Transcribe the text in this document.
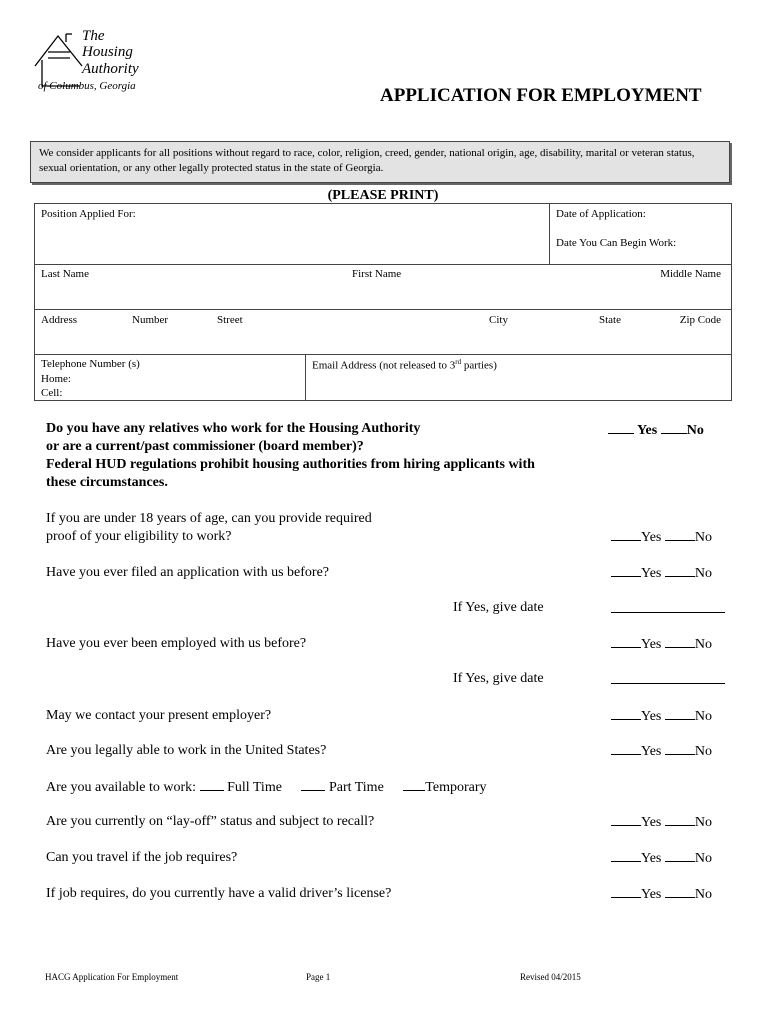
The
Housing
Authority
of Columbus, Georgia	APPLICATION FOR EMPLOYMENT
We consider applicants for all positions without regard to race, color, religion, creed, gender, national origin, age, disability, marital or veteran status, sexual orientation, or any other legally protected status in the state of Georgia.
(PLEASE PRINT)
Position Applied For:	Date of Application:
Date You Can Begin Work:
Last Name	First Name	Middle Name
Address	Number	Street	City	State	Zip Code
Telephone Number (s)
Home:
Cell:
Email Address (not released to 3rd parties)
Do you have any relatives who work for the Housing Authority
or are a current/past commissioner (board member)?
Federal HUD regulations prohibit housing authorities from hiring applicants with
these circumstances.
Yes No
If you are under 18 years of age, can you provide required
proof of your eligibility to work?	Yes No
Have you ever filed an application with us before?	Yes No
If Yes, give date
Have you ever been employed with us before?	Yes No
If Yes, give date
May we contact your present employer?	Yes No
Are you legally able to work in the United States?	Yes No
Are you available to work: Full Time	Part Time	Temporary
Are you currently on “lay-off” status and subject to recall?	Yes No
Can you travel if the job requires?	Yes No
If job requires, do you currently have a valid driver’s license?	Yes No
HACG Application For Employment	Page 1	Revised 04/2015
